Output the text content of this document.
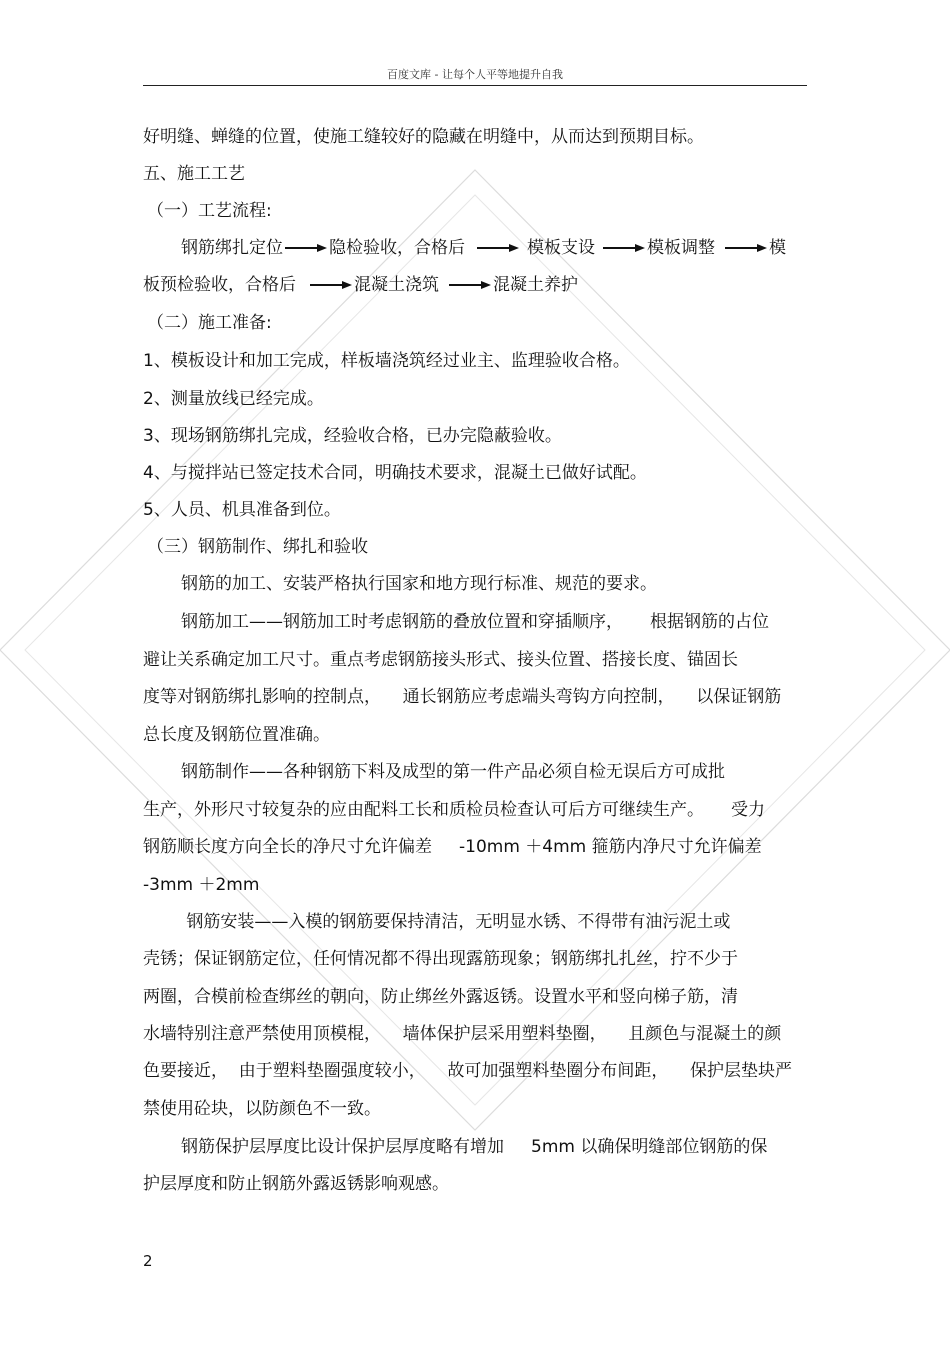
百度文库 - 让每个人平等地提升自我
好明缝、蝉缝的位置，使施工缝较好的隐藏在明缝中，从而达到预期目标。
五、施工工艺
（一）工艺流程:
钢筋绑扎定位	隐检验收，合格后	模板支设	模板调整	模
板预检验收，合格后	混凝土浇筑	混凝土养护
（二）施工准备:
1、模板设计和加工完成，样板墙浇筑经过业主、监理验收合格。
2、测量放线已经完成。
3、现场钢筋绑扎完成，经验收合格，已办完隐蔽验收。
4、与搅拌站已签定技术合同，明确技术要求，混凝土已做好试配。
5、人员、机具准备到位。
（三）钢筋制作、绑扎和验收
钢筋的加工、安装严格执行国家和地方现行标准、规范的要求。
钢筋加工——钢筋加工时考虑钢筋的叠放位置和穿插顺序，     根据钢筋的占位
避让关系确定加工尺寸。重点考虑钢筋接头形式、接头位置、搭接长度、锚固长
度等对钢筋绑扎影响的控制点，    通长钢筋应考虑端头弯钩方向控制，    以保证钢筋
总长度及钢筋位置准确。
钢筋制作——各种钢筋下料及成型的第一件产品必须自检无误后方可成批
生产，外形尺寸较复杂的应由配料工长和质检员检查认可后方可继续生产。     受力
钢筋顺长度方向全长的净尺寸允许偏差     -10mm ＋4mm 箍筋内净尺寸允许偏差
-3mm ＋2mm
钢筋安装——入模的钢筋要保持清洁，无明显水锈、不得带有油污泥土或
壳锈；保证钢筋定位，任何情况都不得出现露筋现象；钢筋绑扎扎丝，拧不少于
两圈，合模前检查绑丝的朝向，防止绑丝外露返锈。设置水平和竖向梯子筋，清
水墙特别注意严禁使用顶模棍，    墙体保护层采用塑料垫圈，    且颜色与混凝土的颜
色要接近，  由于塑料垫圈强度较小，    故可加强塑料垫圈分布间距，    保护层垫块严
禁使用砼块，以防颜色不一致。
钢筋保护层厚度比设计保护层厚度略有增加     5mm 以确保明缝部位钢筋的保
护层厚度和防止钢筋外露返锈影响观感。
2
